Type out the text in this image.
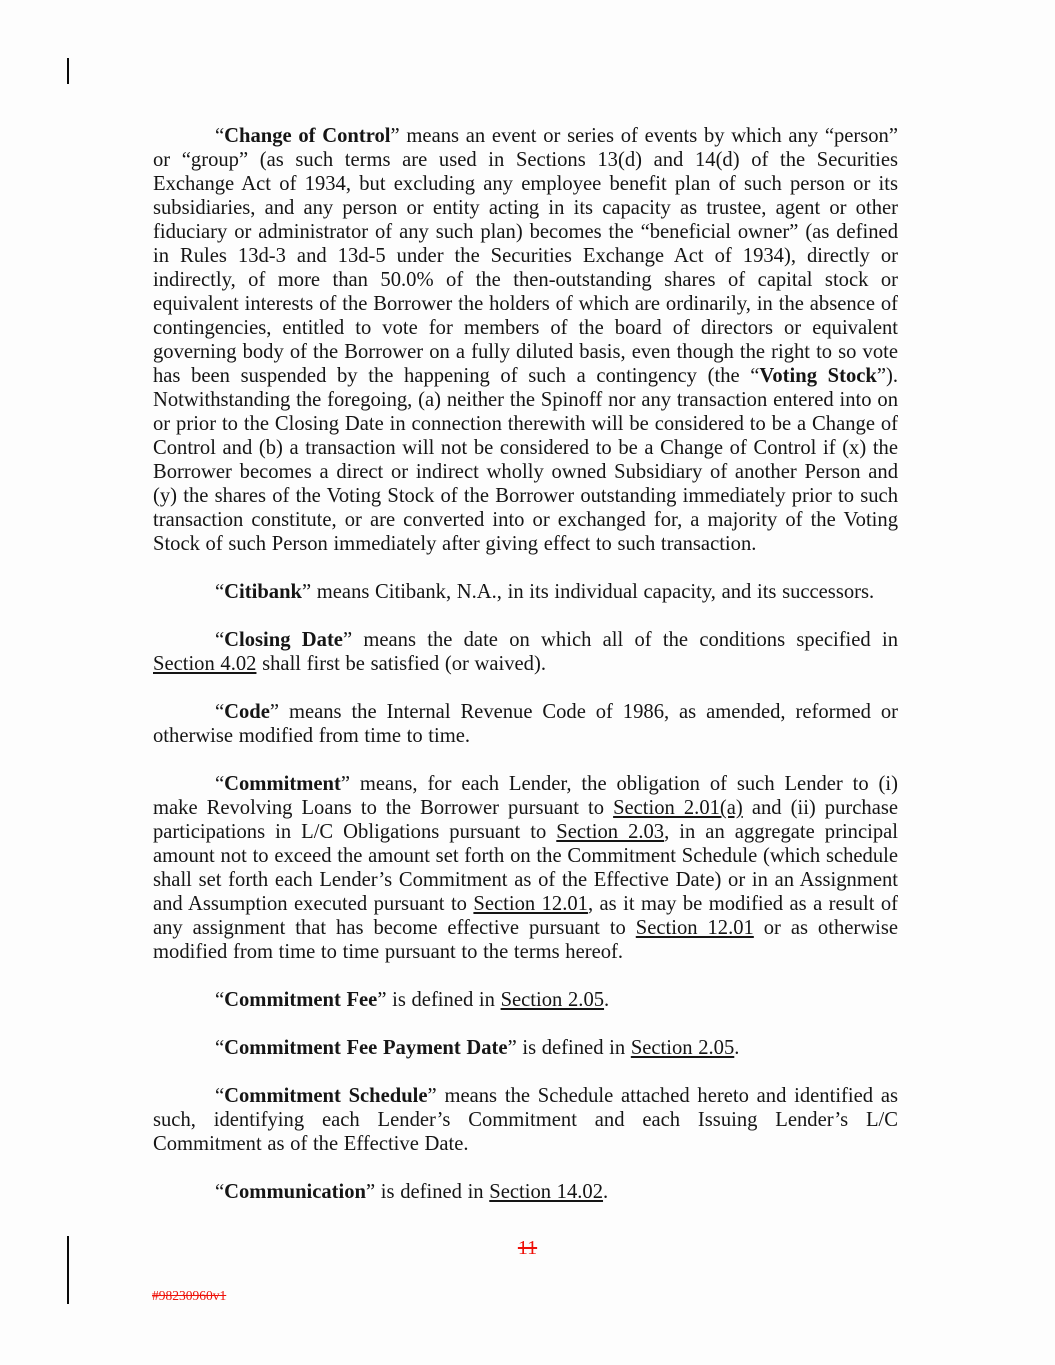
“Change of Control” means an event or series of events by which any “person” or “group” (as such terms are used in Sections 13(d) and 14(d) of the Securities Exchange Act of 1934, but excluding any employee benefit plan of such person or its subsidiaries, and any person or entity acting in its capacity as trustee, agent or other fiduciary or administrator of any such plan) becomes the “beneficial owner” (as defined in Rules 13d-3 and 13d-5 under the Securities Exchange Act of 1934), directly or indirectly, of more than 50.0% of the then-outstanding shares of capital stock or equivalent interests of the Borrower the holders of which are ordinarily, in the absence of contingencies, entitled to vote for members of the board of directors or equivalent governing body of the Borrower on a fully diluted basis, even though the right to so vote has been suspended by the happening of such a contingency (the “Voting Stock”). Notwithstanding the foregoing, (a) neither the Spinoff nor any transaction entered into on or prior to the Closing Date in connection therewith will be considered to be a Change of Control and (b) a transaction will not be considered to be a Change of Control if (x) the Borrower becomes a direct or indirect wholly owned Subsidiary of another Person and (y) the shares of the Voting Stock of the Borrower outstanding immediately prior to such transaction constitute, or are converted into or exchanged for, a majority of the Voting Stock of such Person immediately after giving effect to such transaction.

“Citibank” means Citibank, N.A., in its individual capacity, and its successors.

“Closing Date” means the date on which all of the conditions specified in Section 4.02 shall first be satisfied (or waived).

“Code” means the Internal Revenue Code of 1986, as amended, reformed or otherwise modified from time to time.

“Commitment” means, for each Lender, the obligation of such Lender to (i) make Revolving Loans to the Borrower pursuant to Section 2.01(a) and (ii) purchase participations in L/C Obligations pursuant to Section 2.03, in an aggregate principal amount not to exceed the amount set forth on the Commitment Schedule (which schedule shall set forth each Lender’s Commitment as of the Effective Date) or in an Assignment and Assumption executed pursuant to Section 12.01, as it may be modified as a result of any assignment that has become effective pursuant to Section 12.01 or as otherwise modified from time to time pursuant to the terms hereof.

“Commitment Fee” is defined in Section 2.05.

“Commitment Fee Payment Date” is defined in Section 2.05.

“Commitment Schedule” means the Schedule attached hereto and identified as such, identifying each Lender’s Commitment and each Issuing Lender’s L/C Commitment as of the Effective Date.

“Communication” is defined in Section 14.02.

11
#98230960v1
